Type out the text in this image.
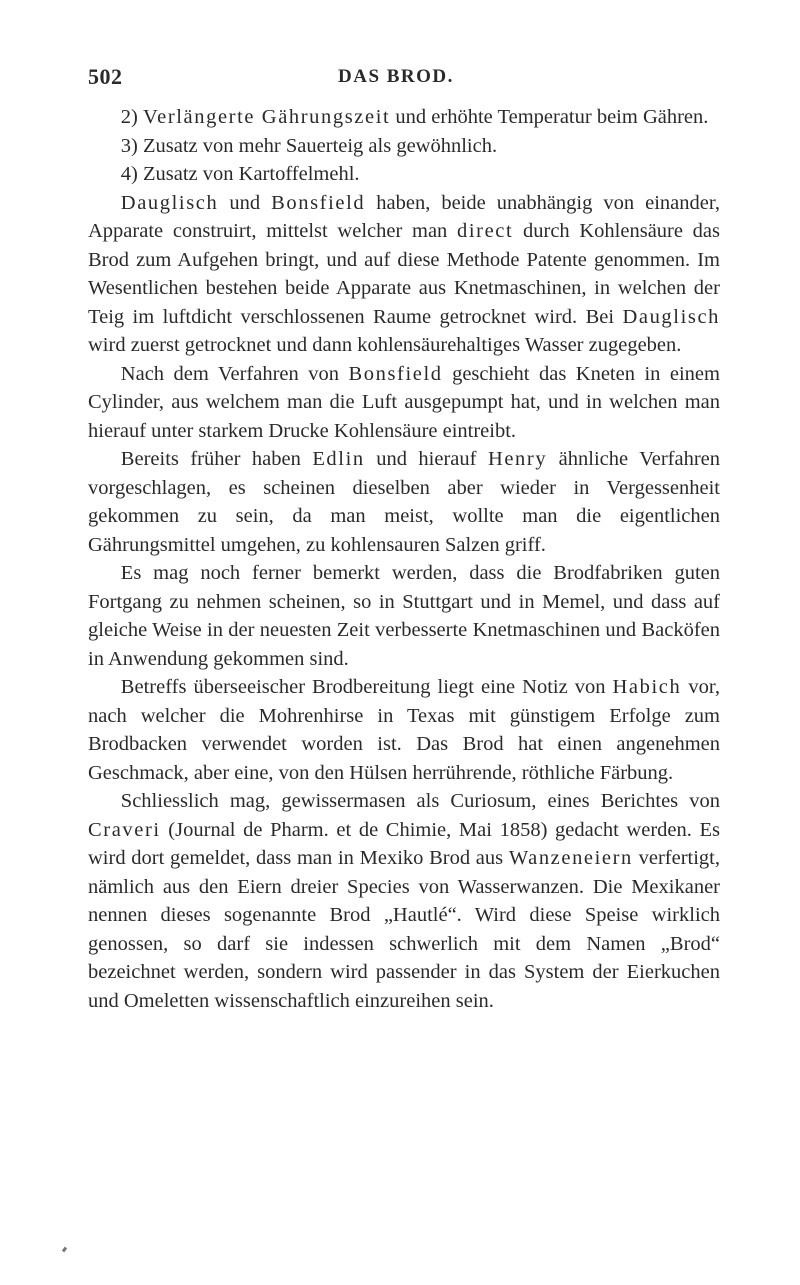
502	DAS BROD.

2) Verlängerte Gährungszeit und erhöhte Temperatur beim Gähren.

3) Zusatz von mehr Sauerteig als gewöhnlich.

4) Zusatz von Kartoffelmehl.

Dauglisch und Bonsfield haben, beide unabhängig von einander, Apparate construirt, mittelst welcher man direct durch Kohlensäure das Brod zum Aufgehen bringt, und auf diese Methode Patente genommen. Im Wesentlichen bestehen beide Apparate aus Knetmaschinen, in welchen der Teig im luftdicht verschlossenen Raume getrocknet wird. Bei Dauglisch wird zuerst getrocknet und dann kohlensäurehaltiges Wasser zugegeben.

Nach dem Verfahren von Bonsfield geschieht das Kneten in einem Cylinder, aus welchem man die Luft ausgepumpt hat, und in welchen man hierauf unter starkem Drucke Kohlensäure eintreibt.

Bereits früher haben Edlin und hierauf Henry ähnliche Verfahren vorgeschlagen, es scheinen dieselben aber wieder in Vergessenheit gekommen zu sein, da man meist, wollte man die eigentlichen Gährungsmittel umgehen, zu kohlensauren Salzen griff.

Es mag noch ferner bemerkt werden, dass die Brodfabriken guten Fortgang zu nehmen scheinen, so in Stuttgart und in Memel, und dass auf gleiche Weise in der neuesten Zeit verbesserte Knetmaschinen und Backöfen in Anwendung gekommen sind.

Betreffs überseeischer Brodbereitung liegt eine Notiz von Habich vor, nach welcher die Mohrenhirse in Texas mit günstigem Erfolge zum Brodbacken verwendet worden ist. Das Brod hat einen angenehmen Geschmack, aber eine, von den Hülsen herrührende, röthliche Färbung.

Schliesslich mag, gewissermasen als Curiosum, eines Berichtes von Craveri (Journal de Pharm. et de Chimie, Mai 1858) gedacht werden. Es wird dort gemeldet, dass man in Mexiko Brod aus Wanzeneiern verfertigt, nämlich aus den Eiern dreier Species von Wasserwanzen. Die Mexikaner nennen dieses sogenannte Brod „Hautlé“. Wird diese Speise wirklich genossen, so darf sie indessen schwerlich mit dem Namen „Brod“ bezeichnet werden, sondern wird passender in das System der Eierkuchen und Omeletten wissenschaftlich einzureihen sein.
